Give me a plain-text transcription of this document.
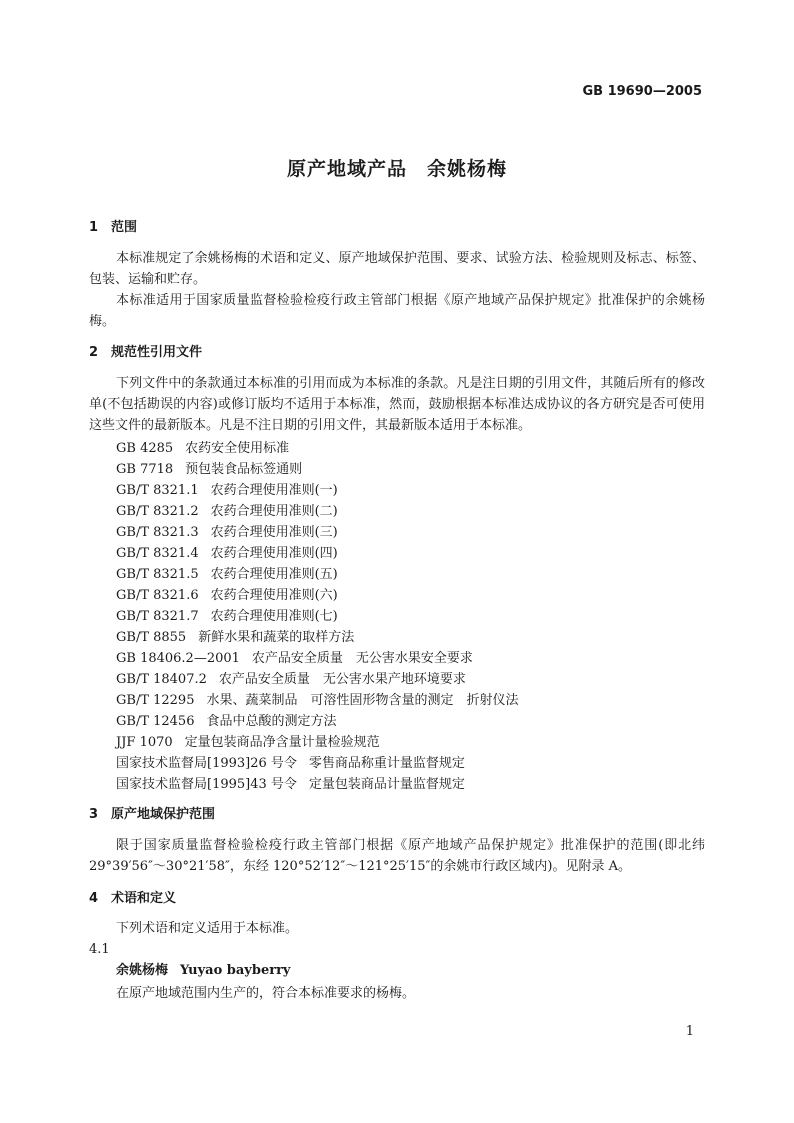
GB 19690—2005
原产地域产品　余姚杨梅
1 范围
本标准规定了余姚杨梅的术语和定义、原产地域保护范围、要求、试验方法、检验规则及标志、标签、包装、运输和贮存。
本标准适用于国家质量监督检验检疫行政主管部门根据《原产地域产品保护规定》批准保护的余姚杨梅。
2 规范性引用文件
下列文件中的条款通过本标准的引用而成为本标准的条款。凡是注日期的引用文件，其随后所有的修改单(不包括勘误的内容)或修订版均不适用于本标准，然而，鼓励根据本标准达成协议的各方研究是否可使用这些文件的最新版本。凡是不注日期的引用文件，其最新版本适用于本标准。
GB 4285 农药安全使用标准
GB 7718 预包装食品标签通则
GB/T 8321.1 农药合理使用准则(一)
GB/T 8321.2 农药合理使用准则(二)
GB/T 8321.3 农药合理使用准则(三)
GB/T 8321.4 农药合理使用准则(四)
GB/T 8321.5 农药合理使用准则(五)
GB/T 8321.6 农药合理使用准则(六)
GB/T 8321.7 农药合理使用准则(七)
GB/T 8855 新鲜水果和蔬菜的取样方法
GB 18406.2—2001 农产品安全质量　无公害水果安全要求
GB/T 18407.2 农产品安全质量　无公害水果产地环境要求
GB/T 12295 水果、蔬菜制品　可溶性固形物含量的测定　折射仪法
GB/T 12456 食品中总酸的测定方法
JJF 1070 定量包装商品净含量计量检验规范
国家技术监督局[1993]26 号令 零售商品称重计量监督规定
国家技术监督局[1995]43 号令 定量包装商品计量监督规定
3 原产地域保护范围
限于国家质量监督检验检疫行政主管部门根据《原产地域产品保护规定》批准保护的范围(即北纬29°39′56″～30°21′58″，东经 120°52′12″～121°25′15″的余姚市行政区域内)。见附录 A。
4 术语和定义
下列术语和定义适用于本标准。
4.1
余姚杨梅 Yuyao bayberry
在原产地域范围内生产的，符合本标准要求的杨梅。
1
